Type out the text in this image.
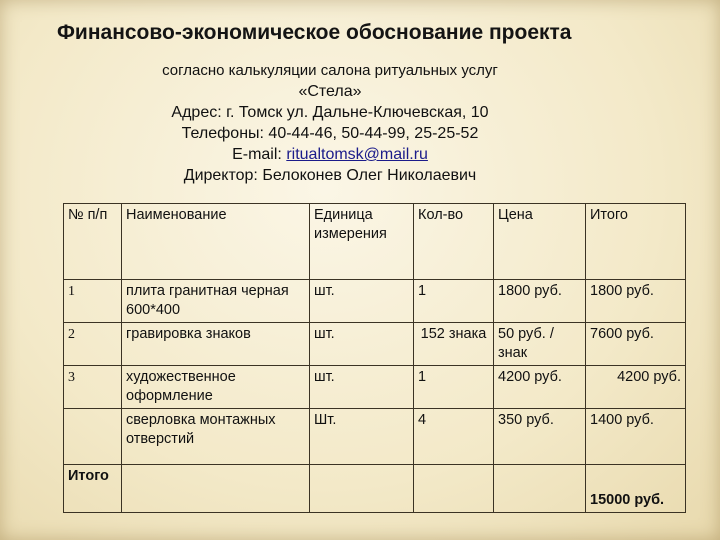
Финансово-экономическое обоснование проекта
согласно калькуляции салона ритуальных услуг
«Стела»
Адрес: г. Томск ул. Дальне-Ключевская, 10
Телефоны: 40-44-46, 50-44-99, 25-25-52
E-mail: ritualtomsk@mail.ru
Директор: Белоконев Олег Николаевич
№ п/п	Наименование	Единица измерения	Кол-во	Цена	Итого
1	плита гранитная черная 600*400	шт.	1	1800 руб.	1800 руб.
2	гравировка знаков	шт.	152 знака	50 руб. / знак	7600 руб.
3	художественное оформление	шт.	1	4200 руб.	4200 руб.
	сверловка монтажных отверстий	Шт.	4	350 руб.	1400 руб.
Итого					15000 руб.
